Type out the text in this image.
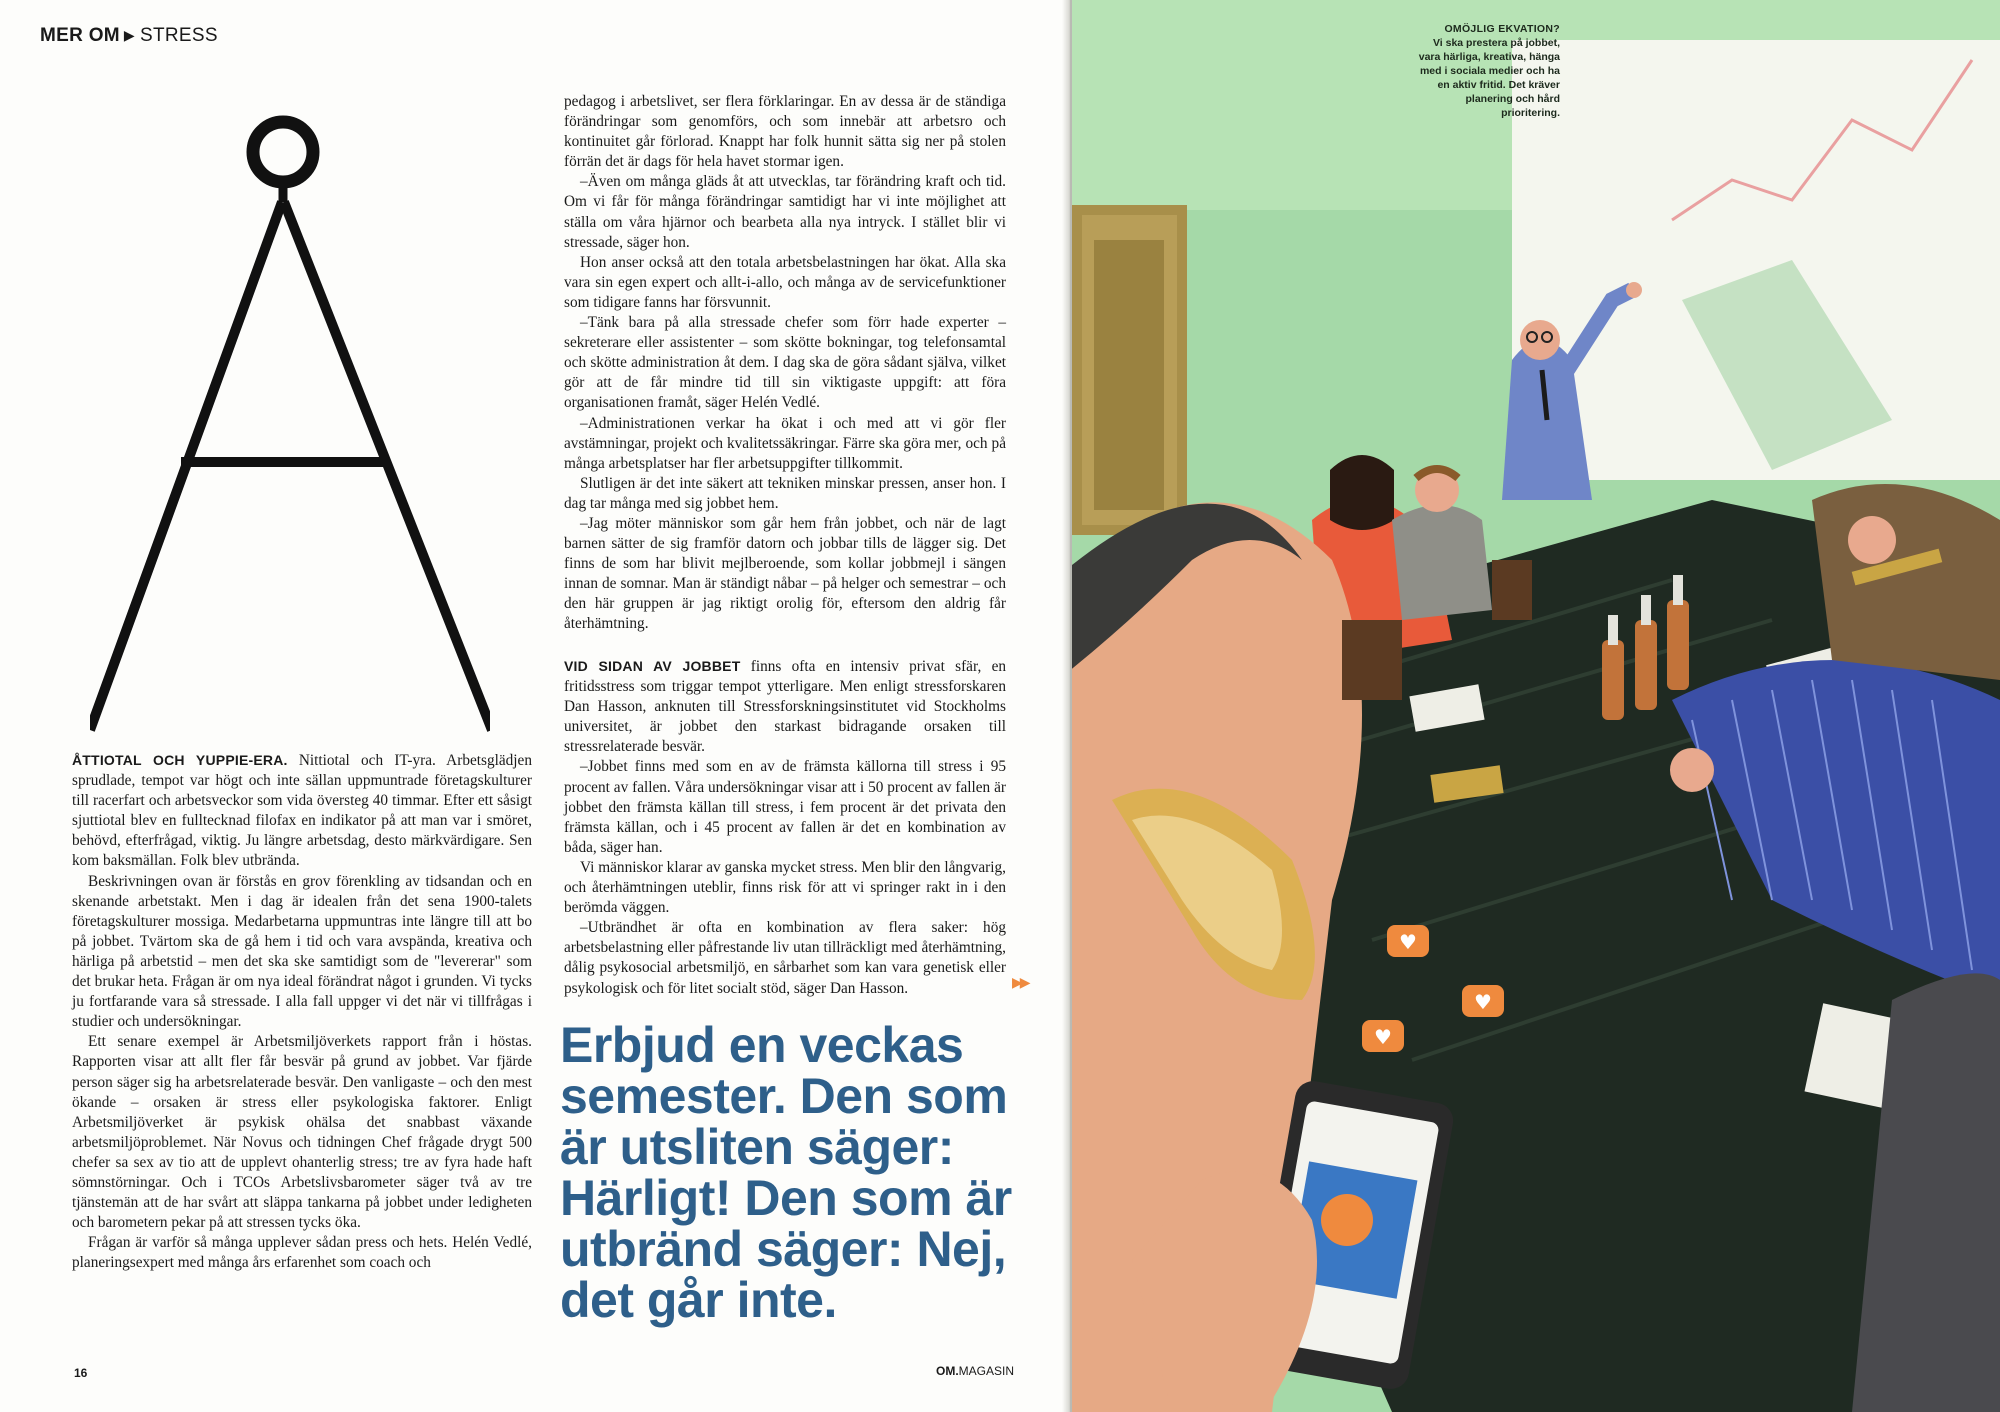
MER OM ▶ STRESS

ÅTTIOTAL OCH YUPPIE-ERA. Nittiotal och IT-yra. Arbetsglädjen sprudlade, tempot var högt och inte sällan uppmuntrade företagskulturer till racerfart och arbetsveckor som vida översteg 40 timmar. Efter ett såsigt sjuttiotal blev en fulltecknad filofax en indikator på att man var i smöret, behövd, efterfrågad, viktig. Ju längre arbetsdag, desto märkvärdigare. Sen kom baksmällan. Folk blev utbrända.

Beskrivningen ovan är förstås en grov förenkling av tidsandan och en skenande arbetstakt. Men i dag är idealen från det sena 1900-talets företagskulturer mossiga. Medarbetarna uppmuntras inte längre till att bo på jobbet. Tvärtom ska de gå hem i tid och vara avspända, kreativa och härliga på arbetstid – men det ska ske samtidigt som de "levererar" som det brukar heta. Frågan är om nya ideal förändrat något i grunden. Vi tycks ju fortfarande vara så stressade. I alla fall uppger vi det när vi tillfrågas i studier och undersökningar.

Ett senare exempel är Arbetsmiljöverkets rapport från i höstas. Rapporten visar att allt fler får besvär på grund av jobbet. Var fjärde person säger sig ha arbetsrelaterade besvär. Den vanligaste – och den mest ökande – orsaken är stress eller psykologiska faktorer. Enligt Arbetsmiljöverket är psykisk ohälsa det snabbast växande arbetsmiljöproblemet. När Novus och tidningen Chef frågade drygt 500 chefer sa sex av tio att de upplevt ohanterlig stress; tre av fyra hade haft sömnstörningar. Och i TCOs Arbetslivsbarometer säger två av tre tjänstemän att de har svårt att släppa tankarna på jobbet under ledigheten och barometern pekar på att stressen tycks öka.

Frågan är varför så många upplever sådan press och hets. Helén Vedlé, planeringsexpert med många års erfarenhet som coach och

pedagog i arbetslivet, ser flera förklaringar. En av dessa är de ständiga förändringar som genomförs, och som innebär att arbetsro och kontinuitet går förlorad. Knappt har folk hunnit sätta sig ner på stolen förrän det är dags för hela havet stormar igen.

–Även om många gläds åt att utvecklas, tar förändring kraft och tid. Om vi får för många förändringar samtidigt har vi inte möjlighet att ställa om våra hjärnor och bearbeta alla nya intryck. I stället blir vi stressade, säger hon.

Hon anser också att den totala arbetsbelastningen har ökat. Alla ska vara sin egen expert och allt-i-allo, och många av de servicefunktioner som tidigare fanns har försvunnit.

–Tänk bara på alla stressade chefer som förr hade experter – sekreterare eller assistenter – som skötte bokningar, tog telefonsamtal och skötte administration åt dem. I dag ska de göra sådant själva, vilket gör att de får mindre tid till sin viktigaste uppgift: att föra organisationen framåt, säger Helén Vedlé.

–Administrationen verkar ha ökat i och med att vi gör fler avstämningar, projekt och kvalitetssäkringar. Färre ska göra mer, och på många arbetsplatser har fler arbetsuppgifter tillkommit.

Slutligen är det inte säkert att tekniken minskar pressen, anser hon. I dag tar många med sig jobbet hem.

–Jag möter människor som går hem från jobbet, och när de lagt barnen sätter de sig framför datorn och jobbar tills de lägger sig. Det finns de som har blivit mejlberoende, som kollar jobbmejl i sängen innan de somnar. Man är ständigt nåbar – på helger och semestrar – och den här gruppen är jag riktigt orolig för, eftersom den aldrig får återhämtning.

VID SIDAN AV JOBBET finns ofta en intensiv privat sfär, en fritidsstress som triggar tempot ytterligare. Men enligt stressforskaren Dan Hasson, anknuten till Stressforskningsinstitutet vid Stockholms universitet, är jobbet den starkast bidragande orsaken till stressrelaterade besvär.

–Jobbet finns med som en av de främsta källorna till stress i 95 procent av fallen. Våra undersökningar visar att i 50 procent av fallen är jobbet den främsta källan till stress, i fem procent är det privata den främsta källan, och i 45 procent av fallen är det en kombination av båda, säger han.

Vi människor klarar av ganska mycket stress. Men blir den långvarig, och återhämtningen uteblir, finns risk för att vi springer rakt in i den berömda väggen.

–Utbrändhet är ofta en kombination av flera saker: hög arbetsbelastning eller påfrestande liv utan tillräckligt med återhämtning, dålig psykosocial arbetsmiljö, en sårbarhet som kan vara genetisk eller psykologisk och för litet socialt stöd, säger Dan Hasson.	▶▶
Erbjud en veckas semester. Den som är utsliten säger: Härligt! Den som är utbränd säger: Nej, det går inte.
16	OM.MAGASIN
♥
♥
♥
OMÖJLIG EKVATION?
Vi ska prestera på jobbet, vara härliga, kreativa, hänga med i sociala medier och ha en aktiv fritid. Det kräver planering och hård prioritering.
